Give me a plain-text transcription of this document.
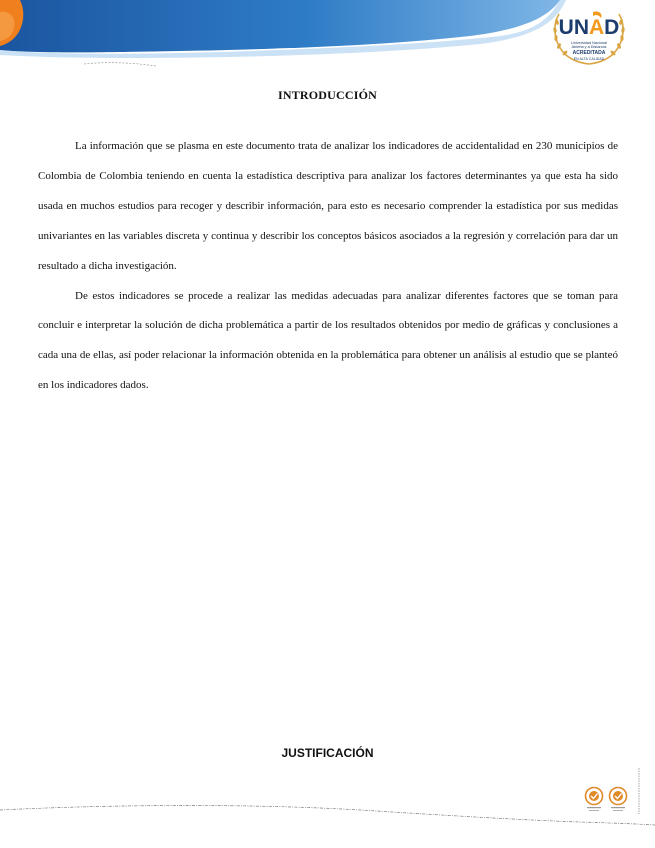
UNAD
Universidad Nacional
Abierta y a Distancia
ACREDITADA
EN ALTA CALIDAD
INTRODUCCIÓN

La información que se plasma en este documento trata de analizar los indicadores de accidentalidad en 230 municipios de Colombia de Colombia teniendo en cuenta la estadística descriptiva para analizar los factores determinantes ya que esta ha sido usada en muchos estudios para recoger y describir información, para esto es necesario comprender la estadística por sus medidas univariantes en las variables discreta y continua y describir los conceptos básicos asociados a la regresión y correlación para dar un resultado a dicha investigación.

De estos indicadores se procede a realizar las medidas adecuadas para analizar diferentes factores que se toman para concluir e interpretar la solución de dicha problemática a partir de los resultados obtenidos por medio de gráficas y conclusiones a cada una de ellas, así poder relacionar la información obtenida en la problemática para obtener un análisis al estudio que se planteó en los indicadores dados.

JUSTIFICACIÓN
